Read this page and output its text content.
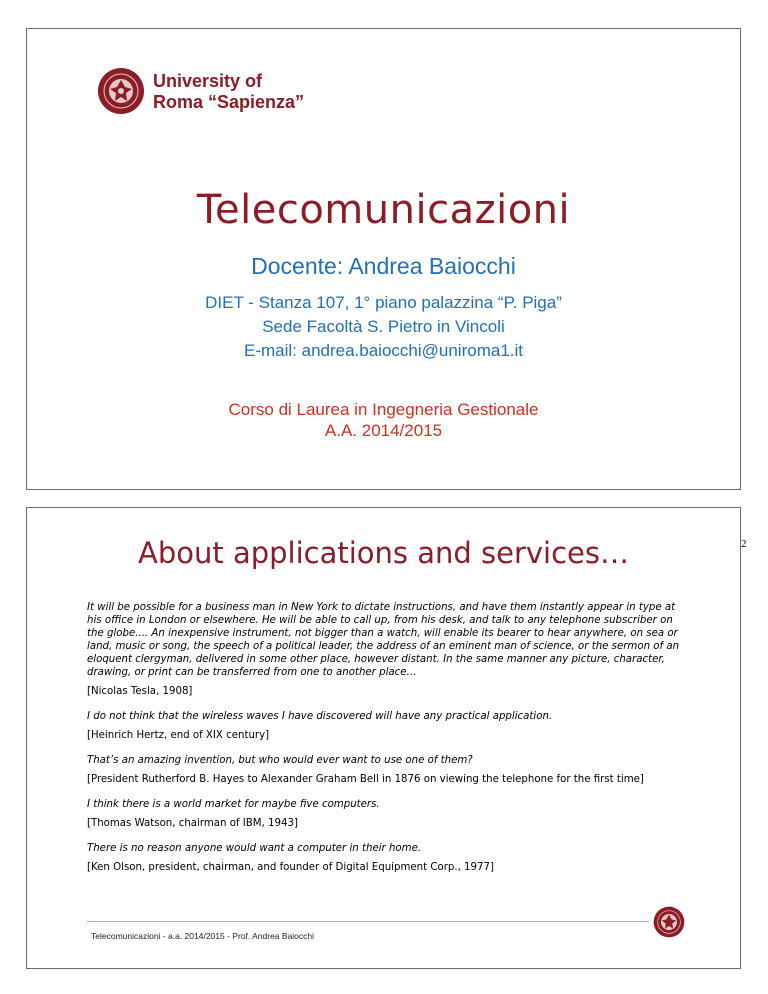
University of
Roma “Sapienza”
Telecomunicazioni
Docente: Andrea Baiocchi
DIET - Stanza 107, 1° piano palazzina “P. Piga”
Sede Facoltà S. Pietro in Vincoli
E-mail: andrea.baiocchi@uniroma1.it
Corso di Laurea in Ingegneria Gestionale
A.A. 2014/2015
2
About applications and services…

It will be possible for a business man in New York to dictate instructions, and have them instantly appear in type at his office in London or elsewhere. He will be able to call up, from his desk, and talk to any telephone subscriber on the globe.... An inexpensive instrument, not bigger than a watch, will enable its bearer to hear anywhere, on sea or land, music or song, the speech of a political leader, the address of an eminent man of science, or the sermon of an eloquent clergyman, delivered in some other place, however distant. In the same manner any picture, character, drawing, or print can be transferred from one to another place…

[Nicolas Tesla, 1908]

I do not think that the wireless waves I have discovered will have any practical application.

[Heinrich Hertz, end of XIX century]

That’s an amazing invention, but who would ever want to use one of them?

[President Rutherford B. Hayes to Alexander Graham Bell in 1876 on viewing the telephone for the first time]

I think there is a world market for maybe five computers.

[Thomas Watson, chairman of IBM, 1943]

There is no reason anyone would want a computer in their home.

[Ken Olson, president, chairman, and founder of Digital Equipment Corp., 1977]

Telecomunicazioni - a.a. 2014/2015 - Prof. Andrea Baiocchi
